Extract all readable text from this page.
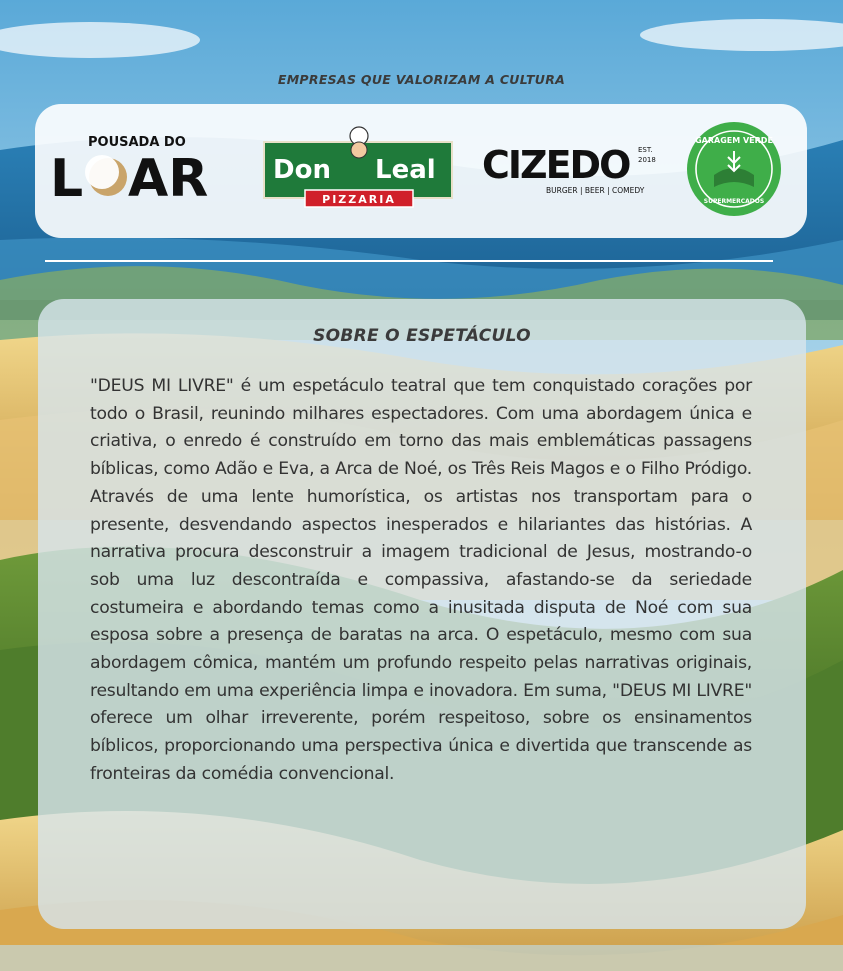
EMPRESAS QUE VALORIZAM A CULTURA
POUSADA DO
L AR Don Leal
PIZZARIA
CIZEDO EST.
2018
BURGER | BEER | COMEDY
GARAGEM VERDE
SUPERMERCADOS
SOBRE O ESPETÁCULO
"DEUS MI LIVRE" é um espetáculo teatral que tem conquistado corações por todo o Brasil, reunindo milhares espectadores. Com uma abordagem única e criativa, o enredo é construído em torno das mais emblemáticas passagens bíblicas, como Adão e Eva, a Arca de Noé, os Três Reis Magos e o Filho Pródigo. Através de uma lente humorística, os artistas nos transportam para o presente, desvendando aspectos inesperados e hilariantes das histórias. A narrativa procura desconstruir a imagem tradicional de Jesus, mostrando-o sob uma luz descontraída e compassiva, afastando-se da seriedade costumeira e abordando temas como a inusitada disputa de Noé com sua esposa sobre a presença de baratas na arca. O espetáculo, mesmo com sua abordagem cômica, mantém um profundo respeito pelas narrativas originais, resultando em uma experiência limpa e inovadora. Em suma, "DEUS MI LIVRE" oferece um olhar irreverente, porém respeitoso, sobre os ensinamentos bíblicos, proporcionando uma perspectiva única e divertida que transcende as fronteiras da comédia convencional.
